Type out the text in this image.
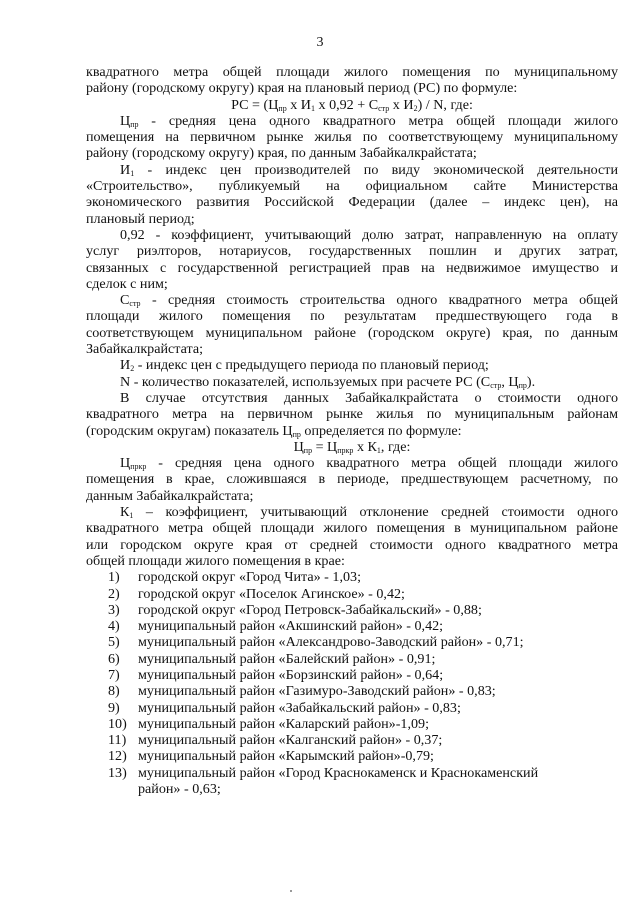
3

квадратного метра общей площади жилого помещения по муниципальному

району (городскому округу) края на плановый период (РС) по формуле:

РС = ($Ц_{пр}$ х $И_1$ х $0,92 + С_{стр}$ х $И_2$) / N, где:

$Ц_{пр}$ - средняя цена одного квадратного метра общей площади жилого

помещения на первичном рынке жилья по соответствующему муниципальному

району (городскому округу) края, по данным Забайкалкрайстата;

$И_1$ - индекс цен производителей по виду экономической деятельности

«Строительство», публикуемый на официальном сайте Министерства

экономического развития Российской Федерации (далее – индекс цен), на

плановый период;

0,92 - коэффициент, учитывающий долю затрат, направленную на оплату

услуг риэлторов, нотариусов, государственных пошлин и других затрат,

связанных с государственной регистрацией прав на недвижимое имущество и

сделок с ним;

$С_{стр}$ - средняя стоимость строительства одного квадратного метра общей

площади жилого помещения по результатам предшествующего года в

соответствующем муниципальном районе (городском округе) края, по данным

Забайкалкрайстата;

$И_2$ - индекс цен с предыдущего периода по плановый период;

N - количество показателей, используемых при расчете РС ($С_{стр}$, $Ц_{пр}$).

В случае отсутствия данных Забайкалкрайстата о стоимости одного

квадратного метра на первичном рынке жилья по муниципальным районам

(городским округам) показатель $Ц_{пр}$ определяется по формуле:

$Ц_{пр} = Ц_{пркр}$ х $К_1$, где:

$Ц_{пркр}$ - средняя цена одного квадратного метра общей площади жилого

помещения в крае, сложившаяся в периоде, предшествующем расчетному, по

данным Забайкалкрайстата;

$К_1$ – коэффициент, учитывающий отклонение средней стоимости одного

квадратного метра общей площади жилого помещения в муниципальном районе

или городском округе края от средней стоимости одного квадратного метра

общей площади жилого помещения в крае:

1)	городской округ «Город Чита» - 1,03;
2)	городской округ «Поселок Агинское» - 0,42;
3)	городской округ «Город Петровск-Забайкальский» - 0,88;
4)	муниципальный район «Акшинский район» - 0,42;
5)	муниципальный район «Александрово-Заводский район» - 0,71;
6)	муниципальный район «Балейский район» - 0,91;
7)	муниципальный район «Борзинский район» - 0,64;
8)	муниципальный район «Газимуро-Заводский район» - 0,83;
9)	муниципальный район «Забайкальский район» - 0,83;
10) муниципальный район «Каларский район»-1,09;
11) муниципальный район «Калганский район» - 0,37;
12) муниципальный район «Карымский район»-0,79;
13) муниципальный район «Город Краснокаменск и Краснокаменский
район» - 0,63;
